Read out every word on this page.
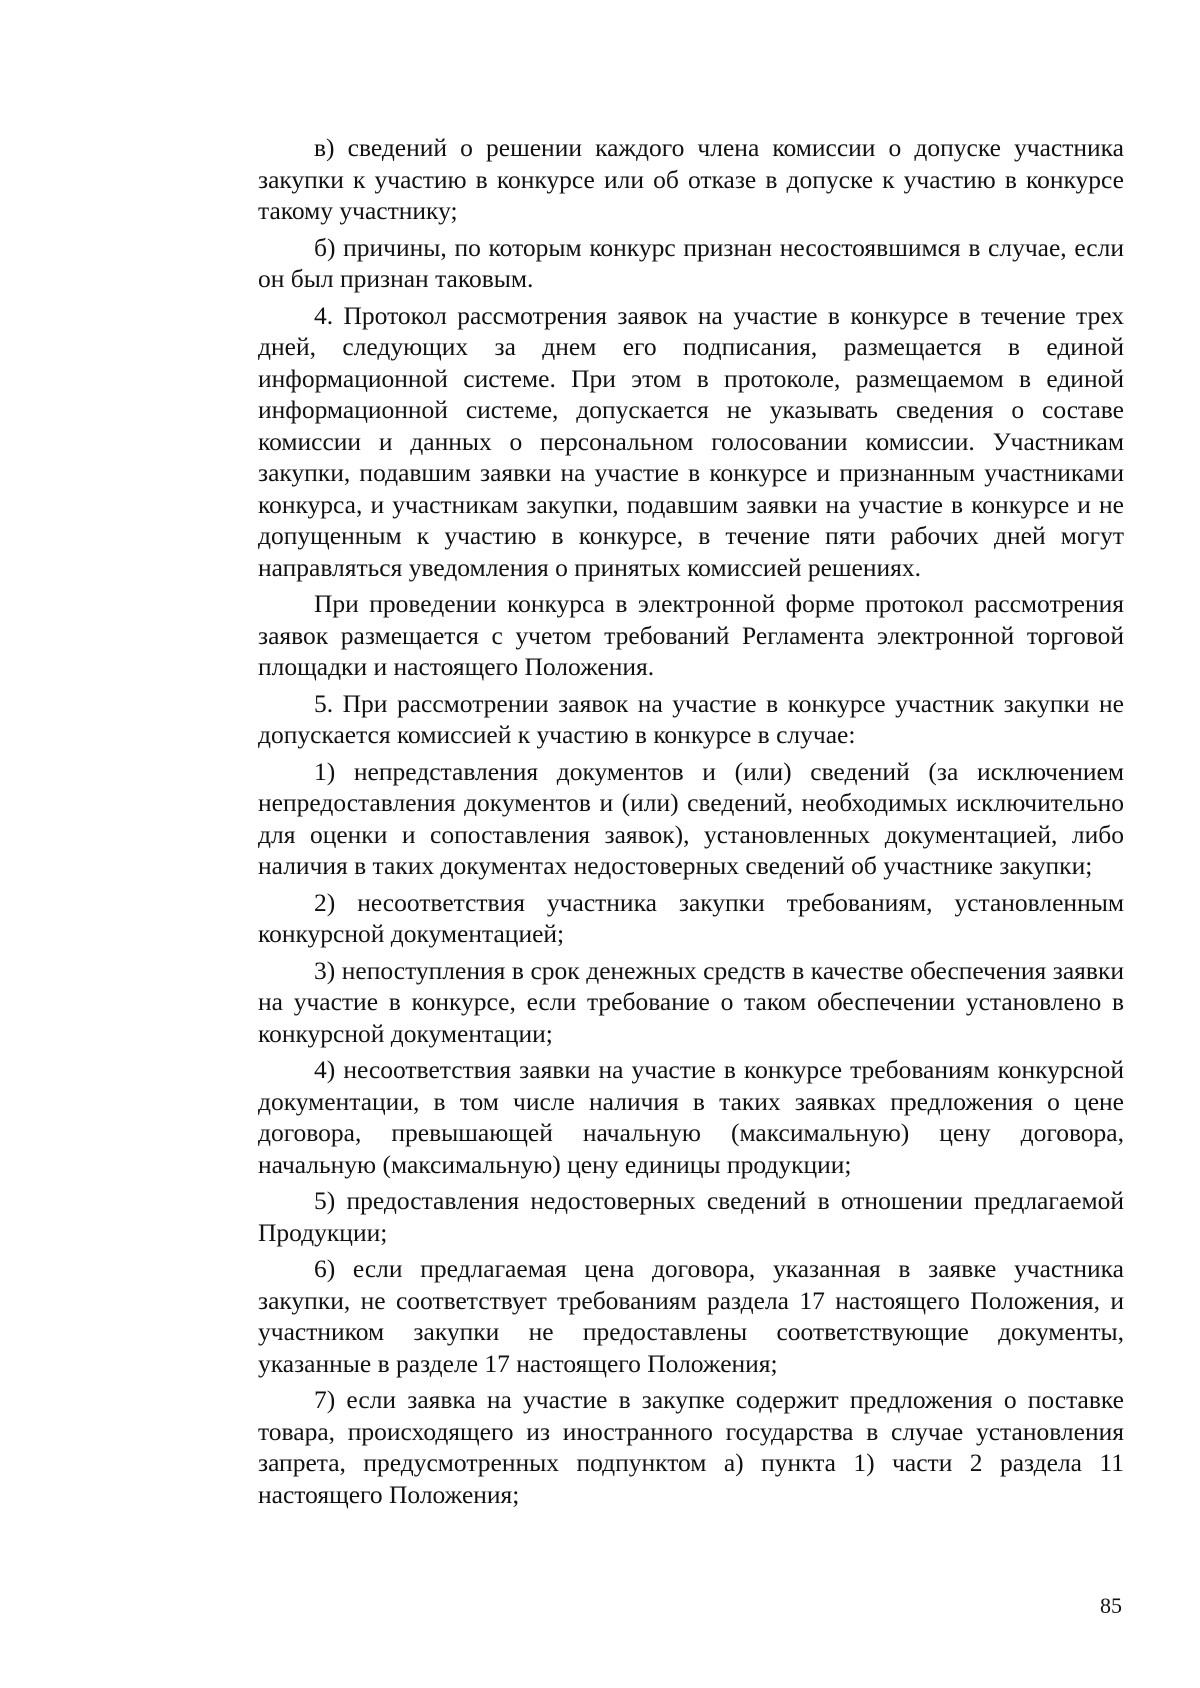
в) сведений о решении каждого члена комиссии о допуске участника закупки к участию в конкурсе или об отказе в допуске к участию в конкурсе такому участнику;

б) причины, по которым конкурс признан несостоявшимся в случае, если он был признан таковым.

4. Протокол рассмотрения заявок на участие в конкурсе в течение трех дней, следующих за днем его подписания, размещается в единой информационной системе. При этом в протоколе, размещаемом в единой информационной системе, допускается не указывать сведения о составе комиссии и данных о персональном голосовании комиссии. Участникам закупки, подавшим заявки на участие в конкурсе и признанным участниками конкурса, и участникам закупки, подавшим заявки на участие в конкурсе и не допущенным к участию в конкурсе, в течение пяти рабочих дней могут направляться уведомления о принятых комиссией решениях.

При проведении конкурса в электронной форме протокол рассмотрения заявок размещается с учетом требований Регламента электронной торговой площадки и настоящего Положения.

5. При рассмотрении заявок на участие в конкурсе участник закупки не допускается комиссией к участию в конкурсе в случае:

1) непредставления документов и (или) сведений (за исключением непредоставления документов и (или) сведений, необходимых исключительно для оценки и сопоставления заявок), установленных документацией, либо наличия в таких документах недостоверных сведений об участнике закупки;

2) несоответствия участника закупки требованиям, установленным конкурсной документацией;

3) непоступления в срок денежных средств в качестве обеспечения заявки на участие в конкурсе, если требование о таком обеспечении установлено в конкурсной документации;

4) несоответствия заявки на участие в конкурсе требованиям конкурсной документации, в том числе наличия в таких заявках предложения о цене договора, превышающей начальную (максимальную) цену договора, начальную (максимальную) цену единицы продукции;

5) предоставления недостоверных сведений в отношении предлагаемой Продукции;

6) если предлагаемая цена договора, указанная в заявке участника закупки, не соответствует требованиям раздела 17 настоящего Положения, и участником закупки не предоставлены соответствующие документы, указанные в разделе 17 настоящего Положения;

7) если заявка на участие в закупке содержит предложения о поставке товара, происходящего из иностранного государства в случае установления запрета, предусмотренных подпунктом а) пункта 1) части 2 раздела 11 настоящего Положения;

85
